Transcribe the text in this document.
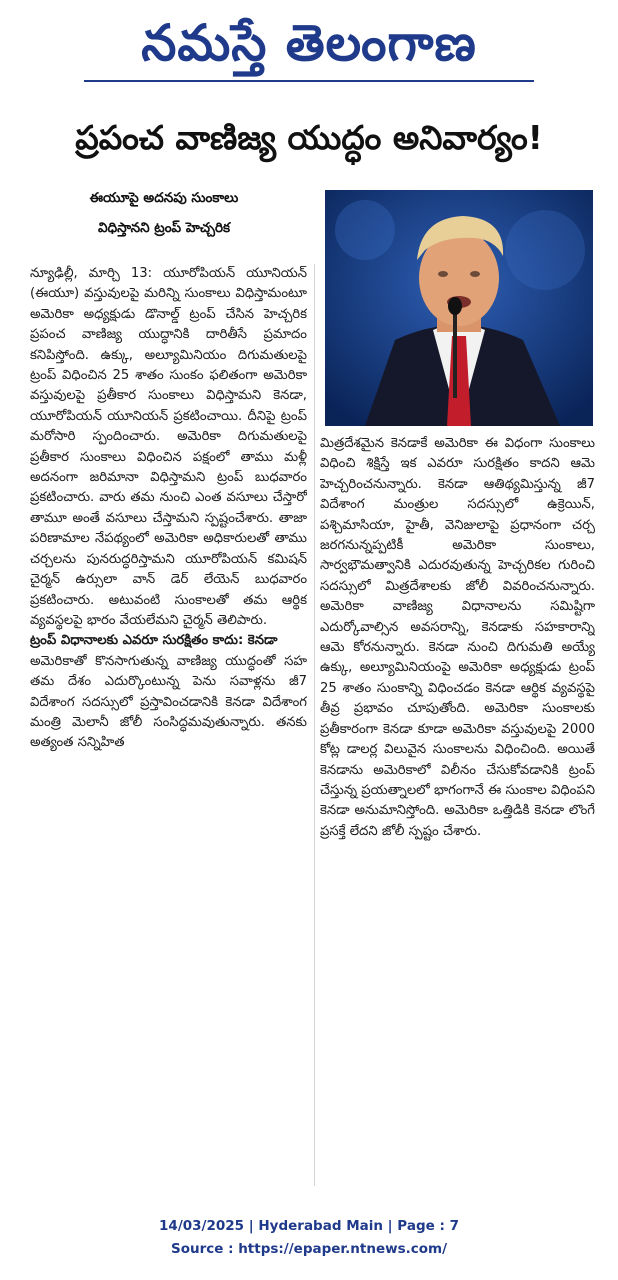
నమస్తే తెలంగాణ
ప్రపంచ వాణిజ్య యుద్ధం అనివార్యం!
ఈయూపై అదనపు సుంకాలు
విధిస్తానని ట్రంప్ హెచ్చరిక

న్యూఢిల్లీ, మార్చి 13: యూరోపియన్ యూనియన్ (ఈయూ) వస్తువులపై మరిన్ని సుంకాలు విధిస్తామంటూ అమెరికా అధ్యక్షుడు డొనాల్డ్ ట్రంప్ చేసిన హెచ్చరిక ప్రపంచ వాణిజ్య యుద్ధానికి దారితీసే ప్రమాదం కనిపిస్తోంది. ఉక్కు, అల్యూమినియం దిగుమతులపై ట్రంప్ విధించిన 25 శాతం సుంకం ఫలితంగా అమెరికా వస్తువులపై ప్రతీకార సుంకాలు విధిస్తామని కెనడా, యూరోపియన్ యూనియన్ ప్రకటించాయి. దీనిపై ట్రంప్ మరోసారి స్పందించారు. అమెరికా దిగుమతులపై ప్రతీకార సుంకాలు విధించిన పక్షంలో తాము మళ్లీ అదనంగా జరిమానా విధిస్తామని ట్రంప్ బుధవారం ప్రకటించారు. వారు తమ నుంచి ఎంత వసూలు చేస్తారో తామూ అంతే వసూలు చేస్తామని స్పష్టంచేశారు. తాజా పరిణామాల నేపథ్యంలో అమెరికా అధికారులతో తాము చర్చలను పునరుద్ధరిస్తామని యూరోపియన్ కమిషన్ చైర్మన్ ఉర్సులా వాన్ డెర్ లేయెన్ బుధవారం ప్రకటించారు. అటువంటి సుంకాలతో తమ ఆర్థిక వ్యవస్థలపై భారం వేయలేమని చైర్మన్ తెలిపారు.

ట్రంప్ విధానాలకు ఎవరూ సురక్షితం కాదు: కెనడా

అమెరికాతో కొనసాగుతున్న వాణిజ్య యుద్ధంతో సహ తమ దేశం ఎదుర్కొంటున్న పెను సవాళ్లను జీ7 విదేశాంగ సదస్సులో ప్రస్తావించడానికి కెనడా విదేశాంగ మంత్రి మెలానీ జోలీ సంసిద్ధమవుతున్నారు. తనకు అత్యంత సన్నిహిత

మిత్రదేశమైన కెనడాకే అమెరికా ఈ విధంగా సుంకాలు విధించి శిక్షిస్తే ఇక ఎవరూ సురక్షితం కాదని ఆమె హెచ్చరించనున్నారు. కెనడా ఆతిథ్యమిస్తున్న జీ7 విదేశాంగ మంత్రుల సదస్సులో ఉక్రెయిన్, పశ్చిమాసియా, హైతీ, వెనిజులాపై ప్రధానంగా చర్చ జరగనున్నప్పటికీ అమెరికా సుంకాలు, సార్వభౌమత్వానికి ఎదురవుతున్న హెచ్చరికల గురించి సదస్సులో మిత్రదేశాలకు జోలీ వివరించనున్నారు. అమెరికా వాణిజ్య విధానాలను సమిష్టిగా ఎదుర్కోవాల్సిన అవసరాన్ని, కెనడాకు సహకారాన్ని ఆమె కోరనున్నారు. కెనడా నుంచి దిగుమతి అయ్యే ఉక్కు, అల్యూమినియంపై అమెరికా అధ్యక్షుడు ట్రంప్ 25 శాతం సుంకాన్ని విధించడం కెనడా ఆర్థిక వ్యవస్థపై తీవ్ర ప్రభావం చూపుతోంది. అమెరికా సుంకాలకు ప్రతీకారంగా కెనడా కూడా అమెరికా వస్తువులపై 2000 కోట్ల డాలర్ల విలువైన సుంకాలను విధించింది. అయితే కెనడాను అమెరికాలో విలీనం చేసుకోవడానికి ట్రంప్ చేస్తున్న ప్రయత్నాలలో భాగంగానే ఈ సుంకాల విధింపని కెనడా అనుమానిస్తోంది. అమెరికా ఒత్తిడికి కెనడా లొంగే ప్రసక్తే లేదని జోలీ స్పష్టం చేశారు.

14/03/2025 | Hyderabad Main | Page : 7
Source : https://epaper.ntnews.com/
